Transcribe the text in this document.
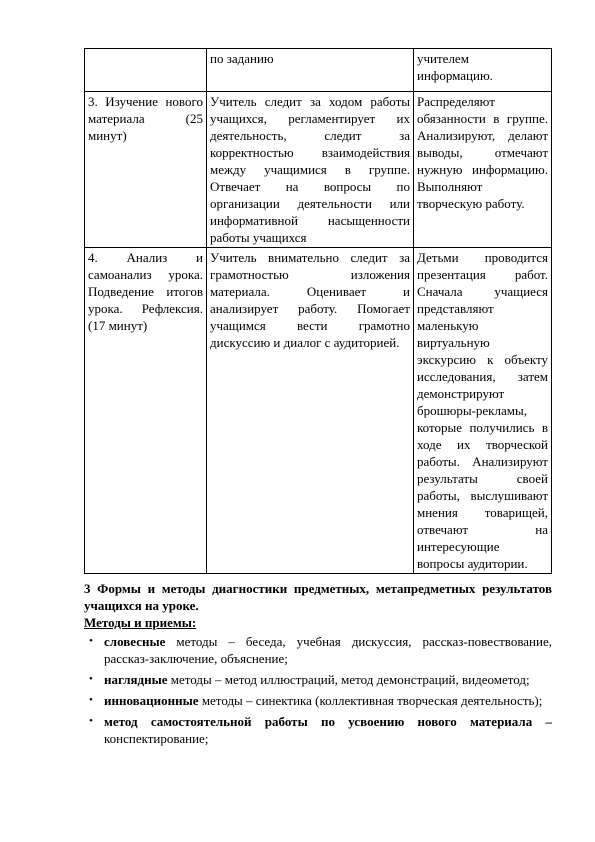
	по заданию	учителем информацию.
3. Изучение нового материала (25 минут)	Учитель следит за ходом работы учащихся, регламентирует их деятельность, следит за корректностью взаимодействия между учащимися в группе. Отвечает на вопросы по организации деятельности или информативной насыщенности работы учащихся	Распределяют обязанности в группе. Анализируют, делают выводы, отмечают нужную информацию. Выполняют творческую работу.
4. Анализ и самоанализ урока. Подведение итогов урока. Рефлексия. (17 минут)	Учитель внимательно следит за грамотностью изложения материала. Оценивает и анализирует работу. Помогает учащимся вести грамотно дискуссию и диалог с аудиторией.	Детьми проводится презентация работ. Сначала учащиеся представляют маленькую виртуальную экскурсию к объекту исследования, затем демонстрируют брошюры-рекламы, которые получились в ходе их творческой работы. Анализируют результаты своей работы, выслушивают мнения товарищей, отвечают на интересующие вопросы аудитории.

3 Формы и методы диагностики предметных, метапредметных результатов учащихся на уроке.

Методы и приемы:

• словесные методы – беседа, учебная дискуссия, рассказ-повествование, рассказ-заключение, объяснение;
• наглядные методы – метод иллюстраций, метод демонстраций, видеометод;
• инновационные методы – синектика (коллективная творческая деятельность);
• метод самостоятельной работы по усвоению нового материала – конспектирование;
